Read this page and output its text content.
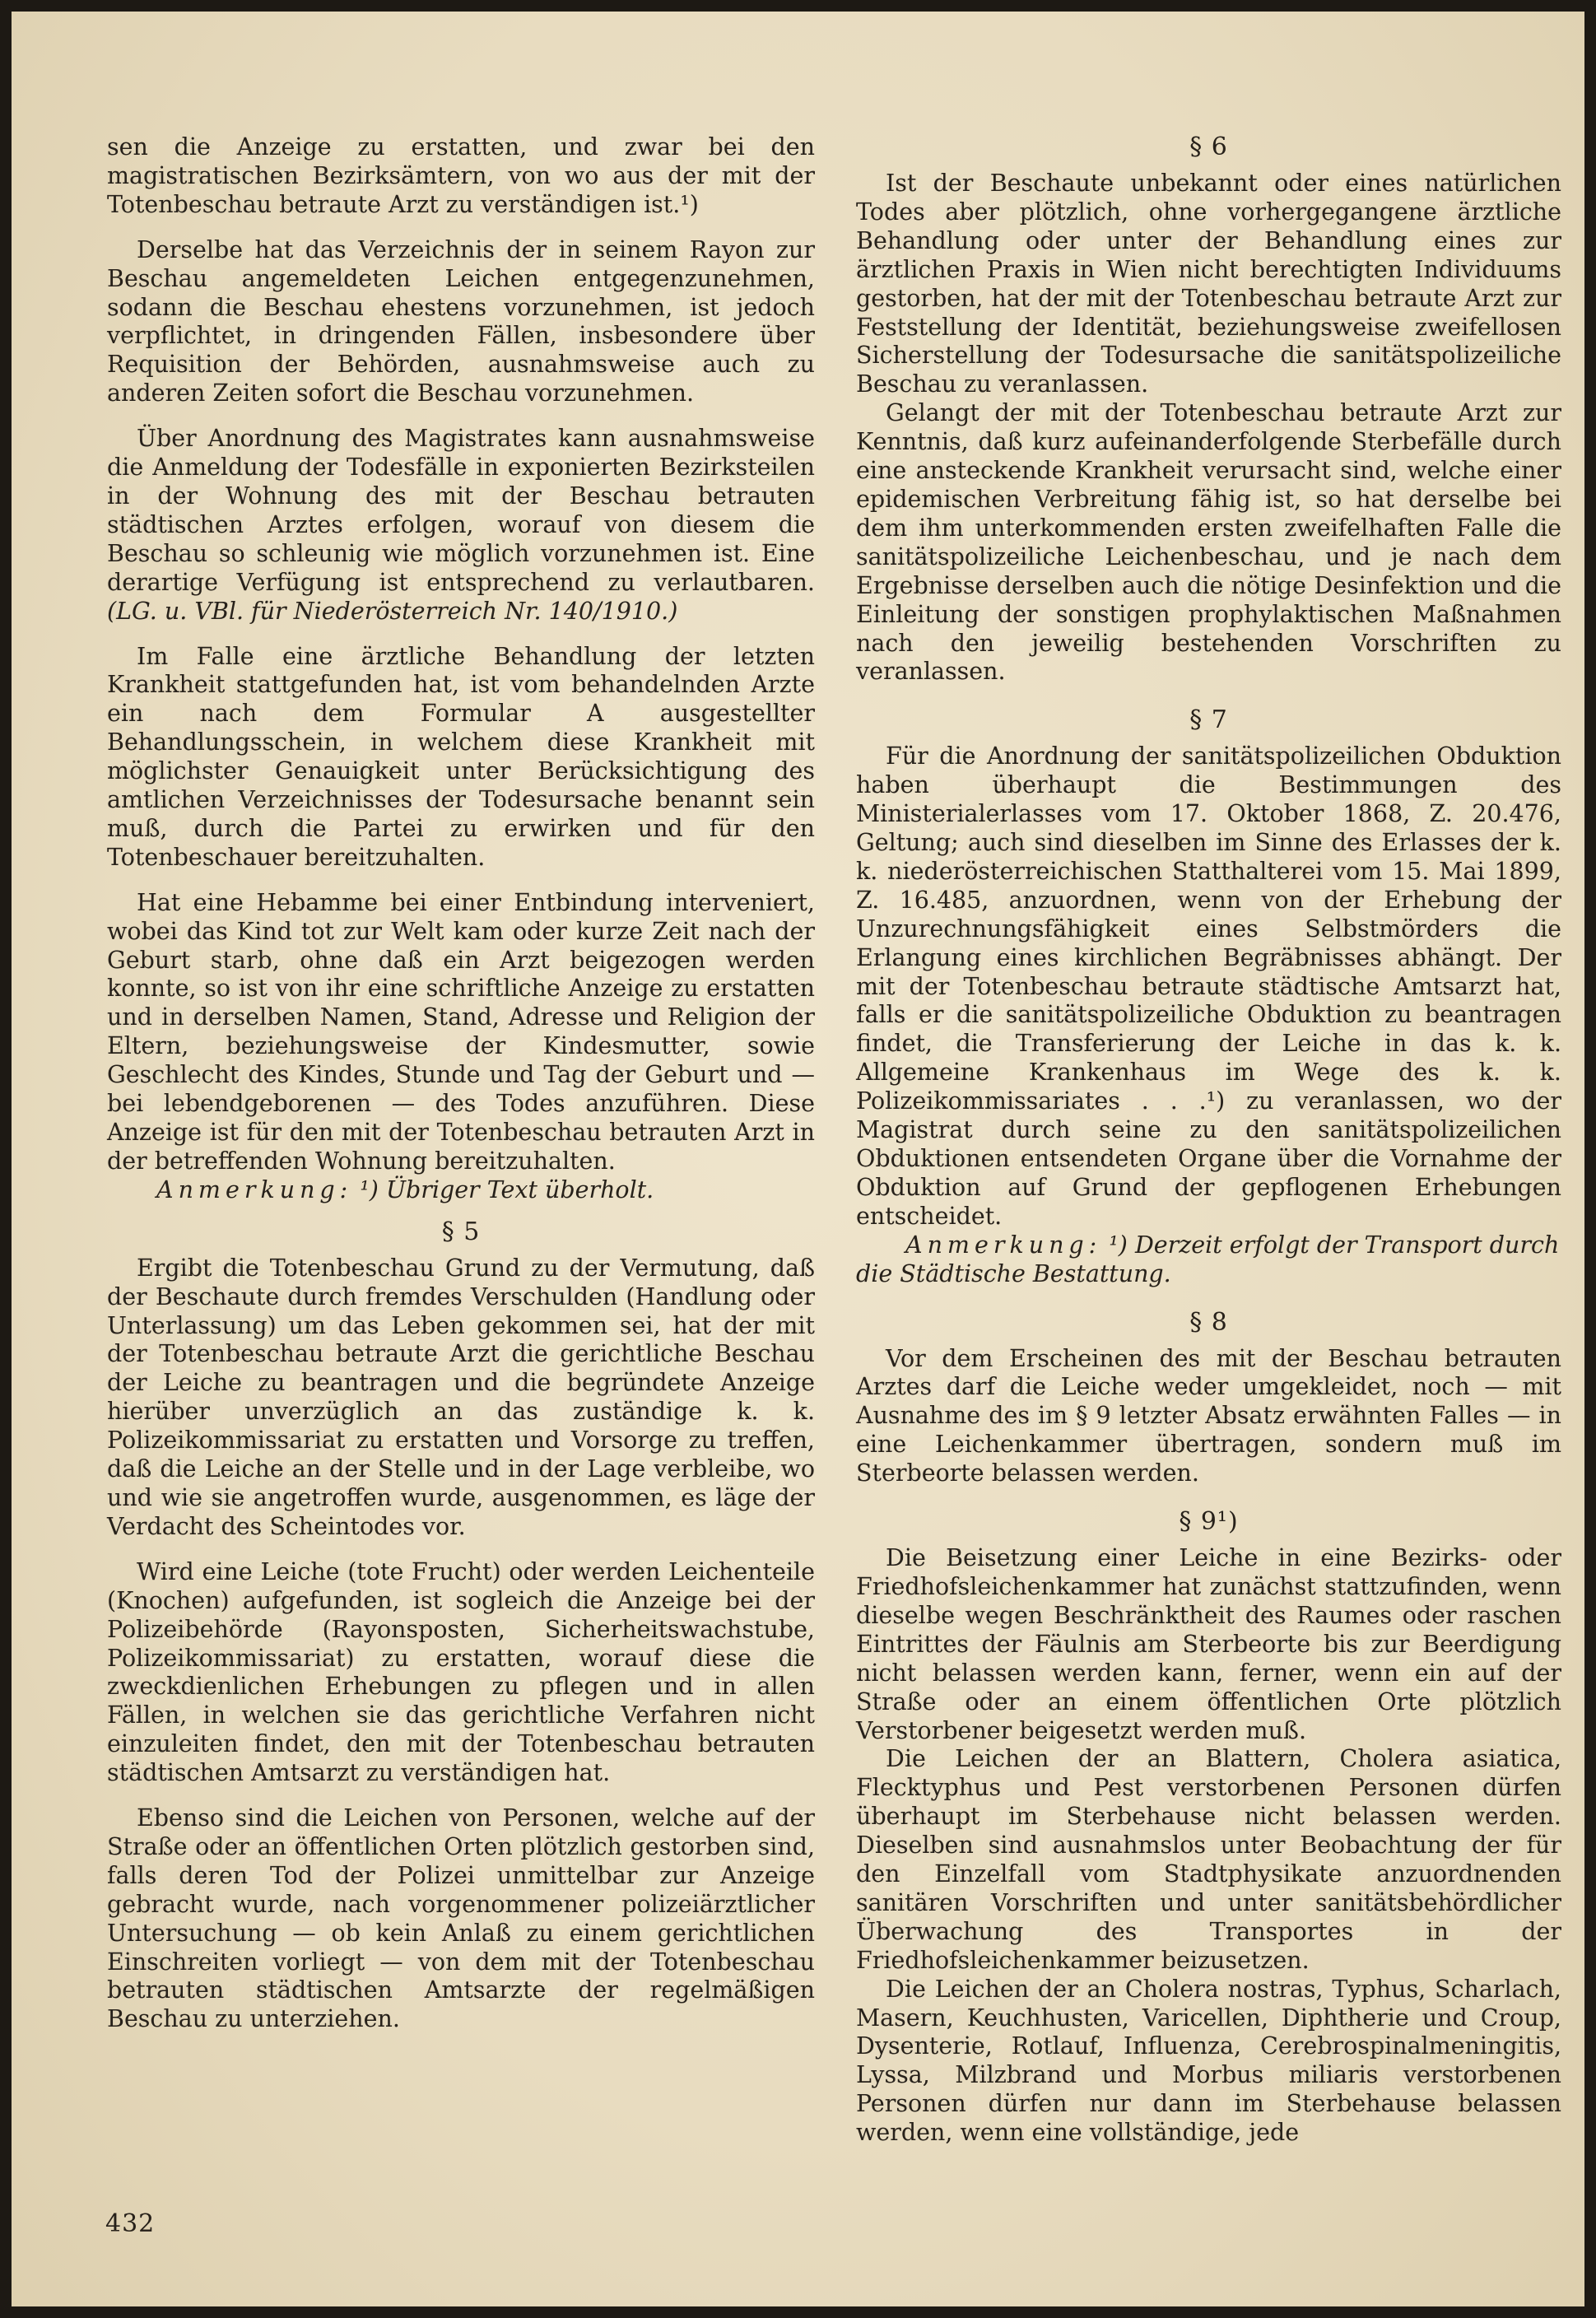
sen die Anzeige zu erstatten, und zwar bei den magistratischen Bezirksämtern, von wo aus der mit der Totenbeschau betraute Arzt zu verständigen ist.¹)

Derselbe hat das Verzeichnis der in seinem Rayon zur Beschau angemeldeten Leichen entgegenzunehmen, sodann die Beschau ehestens vorzunehmen, ist jedoch verpflichtet, in dringenden Fällen, insbesondere über Requisition der Behörden, ausnahmsweise auch zu anderen Zeiten sofort die Beschau vorzunehmen.

Über Anordnung des Magistrates kann ausnahmsweise die Anmeldung der Todesfälle in exponierten Bezirksteilen in der Wohnung des mit der Beschau betrauten städtischen Arztes erfolgen, worauf von diesem die Beschau so schleunig wie möglich vorzunehmen ist. Eine derartige Verfügung ist entsprechend zu verlautbaren. (LG. u. VBl. für Niederösterreich Nr. 140/1910.)

Im Falle eine ärztliche Behandlung der letzten Krankheit stattgefunden hat, ist vom behandelnden Arzte ein nach dem Formular A ausgestellter Behandlungsschein, in welchem diese Krankheit mit möglichster Genauigkeit unter Berücksichtigung des amtlichen Verzeichnisses der Todesursache benannt sein muß, durch die Partei zu erwirken und für den Totenbeschauer bereitzuhalten.

Hat eine Hebamme bei einer Entbindung interveniert, wobei das Kind tot zur Welt kam oder kurze Zeit nach der Geburt starb, ohne daß ein Arzt beigezogen werden konnte, so ist von ihr eine schriftliche Anzeige zu erstatten und in derselben Namen, Stand, Adresse und Religion der Eltern, beziehungsweise der Kindesmutter, sowie Geschlecht des Kindes, Stunde und Tag der Geburt und — bei lebendgeborenen — des Todes anzuführen. Diese Anzeige ist für den mit der Totenbeschau betrauten Arzt in der betreffenden Wohnung bereitzuhalten.

Anmerkung: ¹) Übriger Text überholt.
§ 5

Ergibt die Totenbeschau Grund zu der Vermutung, daß der Beschaute durch fremdes Verschulden (Handlung oder Unterlassung) um das Leben gekommen sei, hat der mit der Totenbeschau betraute Arzt die gerichtliche Beschau der Leiche zu beantragen und die begründete Anzeige hierüber unverzüglich an das zuständige k. k. Polizeikommissariat zu erstatten und Vorsorge zu treffen, daß die Leiche an der Stelle und in der Lage verbleibe, wo und wie sie angetroffen wurde, ausgenommen, es läge der Verdacht des Scheintodes vor.

Wird eine Leiche (tote Frucht) oder werden Leichenteile (Knochen) aufgefunden, ist sogleich die Anzeige bei der Polizeibehörde (Rayonsposten, Sicherheitswachstube, Polizeikommissariat) zu erstatten, worauf diese die zweckdienlichen Erhebungen zu pflegen und in allen Fällen, in welchen sie das gerichtliche Verfahren nicht einzuleiten findet, den mit der Totenbeschau betrauten städtischen Amtsarzt zu verständigen hat.

Ebenso sind die Leichen von Personen, welche auf der Straße oder an öffentlichen Orten plötzlich gestorben sind, falls deren Tod der Polizei unmittelbar zur Anzeige gebracht wurde, nach vorgenommener polizeiärztlicher Untersuchung — ob kein Anlaß zu einem gerichtlichen Einschreiten vorliegt — von dem mit der Totenbeschau betrauten städtischen Amtsarzte der regelmäßigen Beschau zu unterziehen.

§ 6

Ist der Beschaute unbekannt oder eines natürlichen Todes aber plötzlich, ohne vorhergegangene ärztliche Behandlung oder unter der Behandlung eines zur ärztlichen Praxis in Wien nicht berechtigten Individuums gestorben, hat der mit der Totenbeschau betraute Arzt zur Feststellung der Identität, beziehungsweise zweifellosen Sicherstellung der Todesursache die sanitätspolizeiliche Beschau zu veranlassen.

Gelangt der mit der Totenbeschau betraute Arzt zur Kenntnis, daß kurz aufeinanderfolgende Sterbefälle durch eine ansteckende Krankheit verursacht sind, welche einer epidemischen Verbreitung fähig ist, so hat derselbe bei dem ihm unterkommenden ersten zweifelhaften Falle die sanitätspolizeiliche Leichenbeschau, und je nach dem Ergebnisse derselben auch die nötige Desinfektion und die Einleitung der sonstigen prophylaktischen Maßnahmen nach den jeweilig bestehenden Vorschriften zu veranlassen.

§ 7

Für die Anordnung der sanitätspolizeilichen Obduktion haben überhaupt die Bestimmungen des Ministerialerlasses vom 17. Oktober 1868, Z. 20.476, Geltung; auch sind dieselben im Sinne des Erlasses der k. k. niederösterreichischen Statthalterei vom 15. Mai 1899, Z. 16.485, anzuordnen, wenn von der Erhebung der Unzurechnungsfähigkeit eines Selbstmörders die Erlangung eines kirchlichen Begräbnisses abhängt. Der mit der Totenbeschau betraute städtische Amtsarzt hat, falls er die sanitätspolizeiliche Obduktion zu beantragen findet, die Transferierung der Leiche in das k. k. Allgemeine Krankenhaus im Wege des k. k. Polizeikommissariates . . .¹) zu veranlassen, wo der Magistrat durch seine zu den sanitätspolizeilichen Obduktionen entsendeten Organe über die Vornahme der Obduktion auf Grund der gepflogenen Erhebungen entscheidet.

Anmerkung: ¹) Derzeit erfolgt der Transport durch die Städtische Bestattung.
§ 8

Vor dem Erscheinen des mit der Beschau betrauten Arztes darf die Leiche weder umgekleidet, noch — mit Ausnahme des im § 9 letzter Absatz erwähnten Falles — in eine Leichenkammer übertragen, sondern muß im Sterbeorte belassen werden.

§ 9¹)

Die Beisetzung einer Leiche in eine Bezirks- oder Friedhofsleichenkammer hat zunächst stattzufinden, wenn dieselbe wegen Beschränktheit des Raumes oder raschen Eintrittes der Fäulnis am Sterbeorte bis zur Beerdigung nicht belassen werden kann, ferner, wenn ein auf der Straße oder an einem öffentlichen Orte plötzlich Verstorbener beigesetzt werden muß.

Die Leichen der an Blattern, Cholera asiatica, Flecktyphus und Pest verstorbenen Personen dürfen überhaupt im Sterbehause nicht belassen werden. Dieselben sind ausnahmslos unter Beobachtung der für den Einzelfall vom Stadtphysikate anzuordnenden sanitären Vorschriften und unter sanitätsbehördlicher Überwachung des Transportes in der Friedhofsleichenkammer beizusetzen.

Die Leichen der an Cholera nostras, Typhus, Scharlach, Masern, Keuchhusten, Varicellen, Diphtherie und Croup, Dysenterie, Rotlauf, Influenza, Cerebrospinalmeningitis, Lyssa, Milzbrand und Morbus miliaris verstorbenen Personen dürfen nur dann im Sterbehause belassen werden, wenn eine vollständige, jede

432
